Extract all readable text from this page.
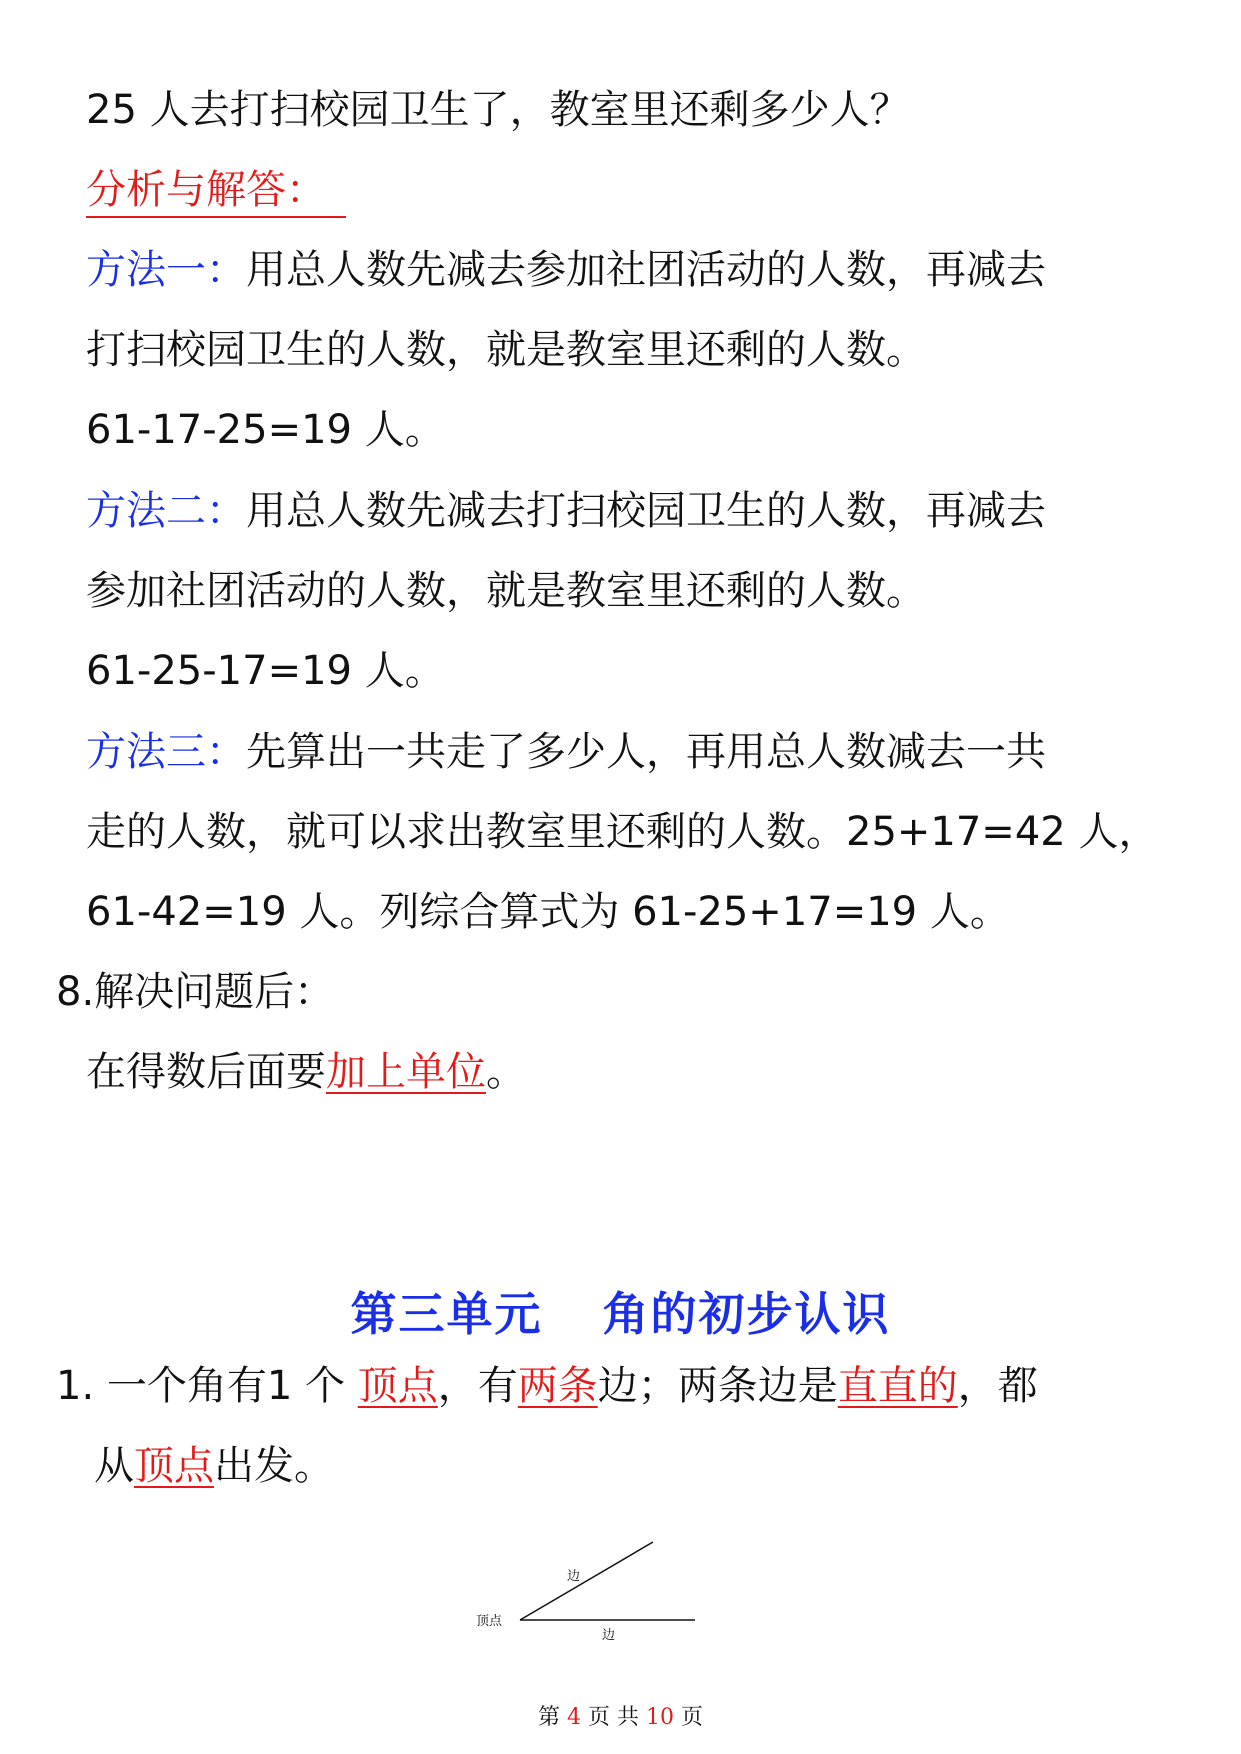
25 人去打扫校园卫生了，教室里还剩多少人？
分析与解答：
方法一：用总人数先减去参加社团活动的人数，再减去
打扫校园卫生的人数，就是教室里还剩的人数。
61-17-25=19 人。
方法二：用总人数先减去打扫校园卫生的人数，再减去
参加社团活动的人数，就是教室里还剩的人数。
61-25-17=19 人。
方法三：先算出一共走了多少人，再用总人数减去一共
走的人数，就可以求出教室里还剩的人数。25+17=42 人，
61-42=19 人。列综合算式为 61-25+17=19 人。
8.解决问题后：
在得数后面要加上单位。
第三单元 角的初步认识
1. 一个角有1 个 顶点，有两条边；两条边是直直的，都
从顶点出发。
顶点
边
边
第 4 页 共 10 页
